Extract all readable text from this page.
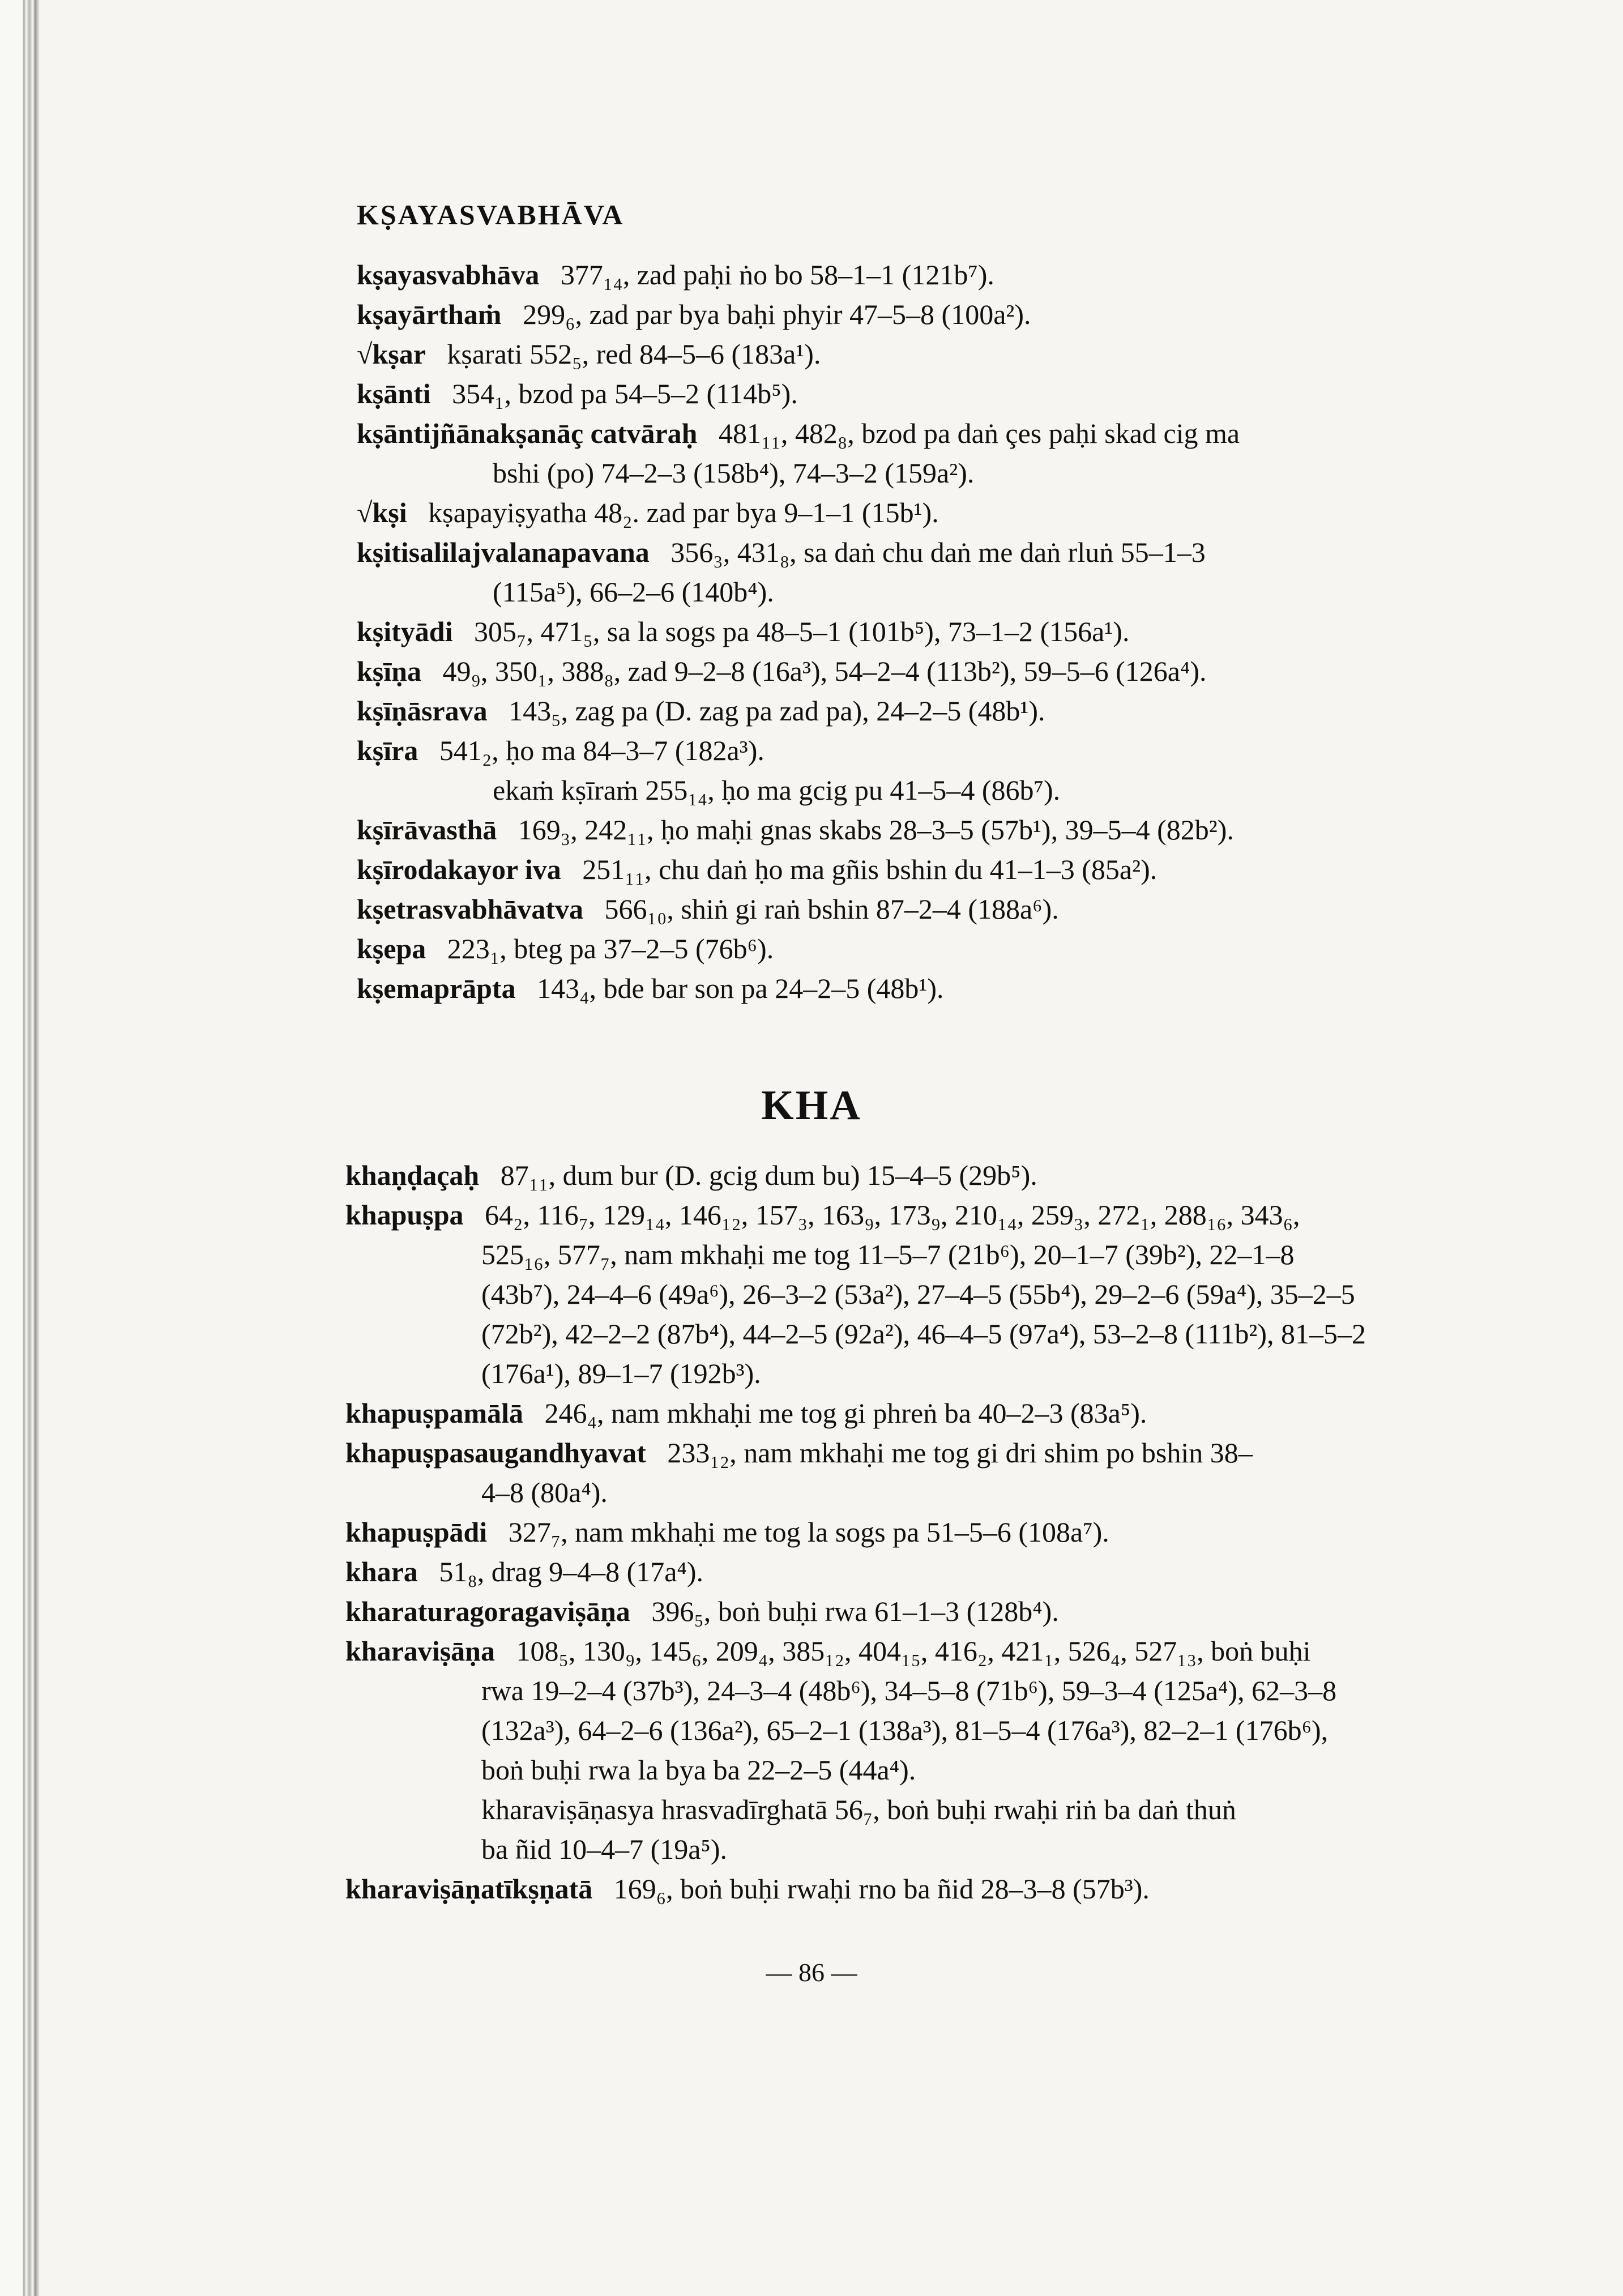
KṢAYASVABHĀVA
kṣayasvabhāva   377₁₄, zad paḥi ṅo bo 58–1–1 (121b⁷).
kṣayārthaṁ   299₆, zad par bya baḥi phyir 47–5–8 (100a²).
√kṣar   kṣarati 552₅, red 84–5–6 (183a¹).
kṣānti   354₁, bzod pa 54–5–2 (114b⁵).
kṣāntijñānakṣanāç catvāraḥ   481₁₁, 482₈, bzod pa daṅ çes paḥi skad cig ma
bshi (po) 74–2–3 (158b⁴), 74–3–2 (159a²).
√kṣi   kṣapayiṣyatha 48₂. zad par bya 9–1–1 (15b¹).
kṣitisalilajvalanapavana   356₃, 431₈, sa daṅ chu daṅ me daṅ rluṅ 55–1–3
(115a⁵), 66–2–6 (140b⁴).
kṣityādi   305₇, 471₅, sa la sogs pa 48–5–1 (101b⁵), 73–1–2 (156a¹).
kṣīṇa   49₉, 350₁, 388₈, zad 9–2–8 (16a³), 54–2–4 (113b²), 59–5–6 (126a⁴).
kṣīṇāsrava   143₅, zag pa (D. zag pa zad pa), 24–2–5 (48b¹).
kṣīra   541₂, ḥo ma 84–3–7 (182a³).
ekaṁ kṣīraṁ 255₁₄, ḥo ma gcig pu 41–5–4 (86b⁷).
kṣīrāvasthā   169₃, 242₁₁, ḥo maḥi gnas skabs 28–3–5 (57b¹), 39–5–4 (82b²).
kṣīrodakayor iva   251₁₁, chu daṅ ḥo ma gñis bshin du 41–1–3 (85a²).
kṣetrasvabhāvatva   566₁₀, shiṅ gi raṅ bshin 87–2–4 (188a⁶).
kṣepa   223₁, bteg pa 37–2–5 (76b⁶).
kṣemaprāpta   143₄, bde bar son pa 24–2–5 (48b¹).
KHA
khaṇḍaçaḥ   87₁₁, dum bur (D. gcig dum bu) 15–4–5 (29b⁵).
khapuṣpa   64₂, 116₇, 129₁₄, 146₁₂, 157₃, 163₉, 173₉, 210₁₄, 259₃, 272₁, 288₁₆, 343₆,
525₁₆, 577₇, nam mkhaḥi me tog 11–5–7 (21b⁶), 20–1–7 (39b²), 22–1–8
(43b⁷), 24–4–6 (49a⁶), 26–3–2 (53a²), 27–4–5 (55b⁴), 29–2–6 (59a⁴), 35–2–5
(72b²), 42–2–2 (87b⁴), 44–2–5 (92a²), 46–4–5 (97a⁴), 53–2–8 (111b²), 81–5–2
(176a¹), 89–1–7 (192b³).
khapuṣpamālā   246₄, nam mkhaḥi me tog gi phreṅ ba 40–2–3 (83a⁵).
khapuṣpasaugandhyavat   233₁₂, nam mkhaḥi me tog gi dri shim po bshin 38–
4–8 (80a⁴).
khapuṣpādi   327₇, nam mkhaḥi me tog la sogs pa 51–5–6 (108a⁷).
khara   51₈, drag 9–4–8 (17a⁴).
kharaturagoragaviṣāṇa   396₅, boṅ buḥi rwa 61–1–3 (128b⁴).
kharaviṣāṇa   108₅, 130₉, 145₆, 209₄, 385₁₂, 404₁₅, 416₂, 421₁, 526₄, 527₁₃, boṅ buḥi
rwa 19–2–4 (37b³), 24–3–4 (48b⁶), 34–5–8 (71b⁶), 59–3–4 (125a⁴), 62–3–8
(132a³), 64–2–6 (136a²), 65–2–1 (138a³), 81–5–4 (176a³), 82–2–1 (176b⁶),
boṅ buḥi rwa la bya ba 22–2–5 (44a⁴).
kharaviṣāṇasya hrasvadīrghatā 56₇, boṅ buḥi rwaḥi riṅ ba daṅ thuṅ
ba ñid 10–4–7 (19a⁵).
kharaviṣāṇatīkṣṇatā   169₆, boṅ buḥi rwaḥi rno ba ñid 28–3–8 (57b³).
— 86 —
